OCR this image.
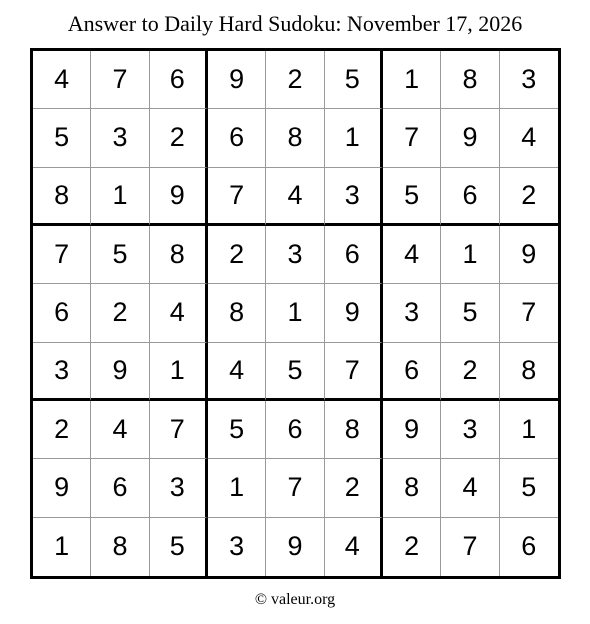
Answer to Daily Hard Sudoku: November 17, 2026
4	7	6	9	2	5	1	8	3
5	3	2	6	8	1	7	9	4
8	1	9	7	4	3	5	6	2
7	5	8	2	3	6	4	1	9
6	2	4	8	1	9	3	5	7
3	9	1	4	5	7	6	2	8
2	4	7	5	6	8	9	3	1
9	6	3	1	7	2	8	4	5
1	8	5	3	9	4	2	7	6
© valeur.org
